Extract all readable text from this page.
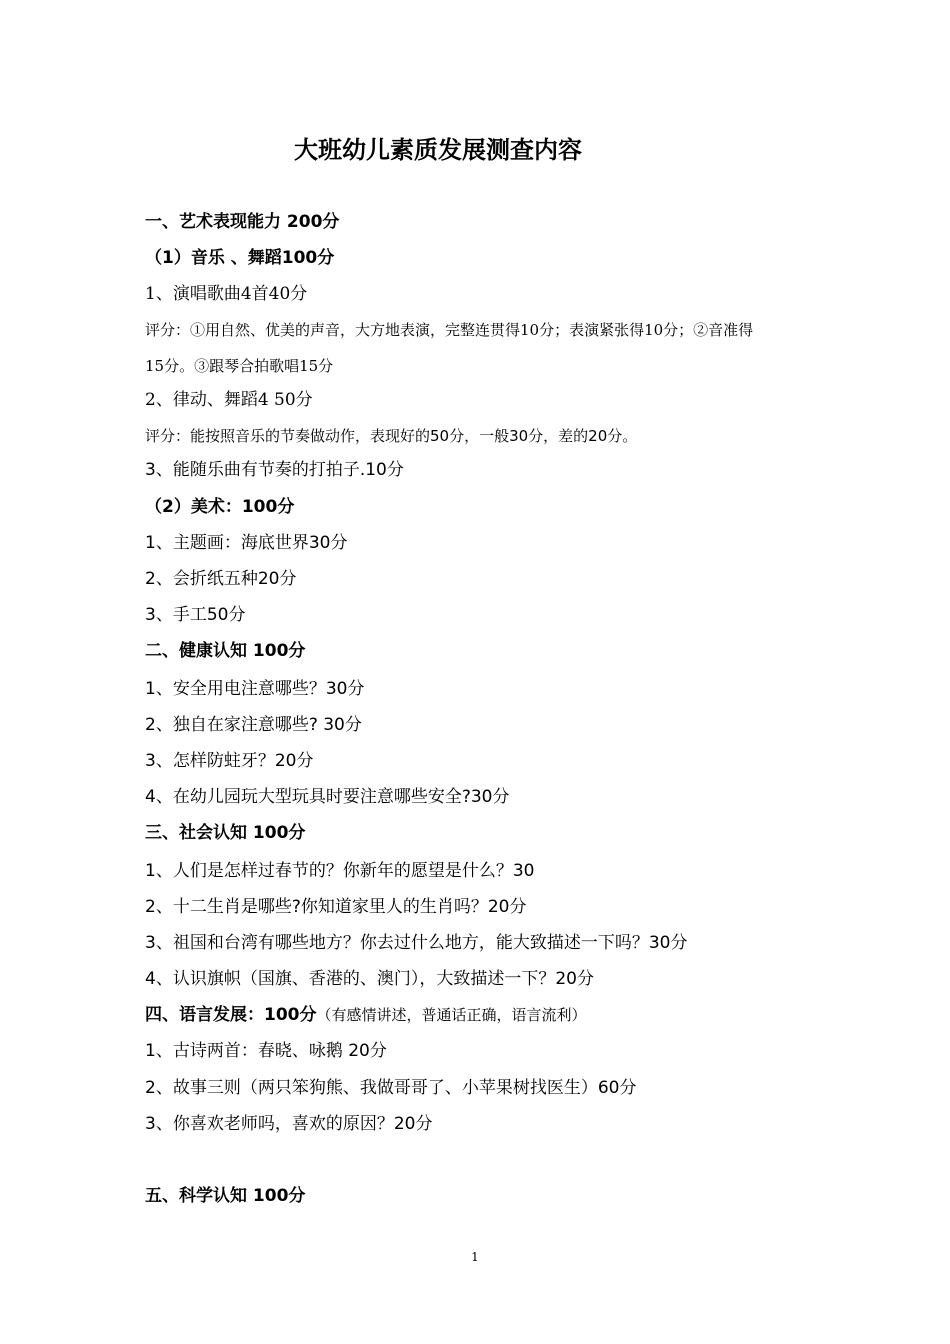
大班幼儿素质发展测查内容
一、艺术表现能力 200分
（1）音乐 、舞蹈100分
1、演唱歌曲4首40分
评分：①用自然、优美的声音，大方地表演，完整连贯得10分；表演紧张得10分；②音准得
15分。③跟琴合拍歌唱15分
2、律动、舞蹈4 50分
评分：能按照音乐的节奏做动作，表现好的50分，一般30分，差的20分。
3、能随乐曲有节奏的打拍子.10分
（2）美术：100分
1、主题画：海底世界30分
2、会折纸五种20分
3、手工50分
二、健康认知 100分
1、安全用电注意哪些？30分
2、独自在家注意哪些? 30分
3、怎样防蛀牙？20分
4、在幼儿园玩大型玩具时要注意哪些安全?30分
三、社会认知 100分
1、人们是怎样过春节的？你新年的愿望是什么？30
2、十二生肖是哪些?你知道家里人的生肖吗？20分
3、祖国和台湾有哪些地方？你去过什么地方，能大致描述一下吗？30分
4、认识旗帜（国旗、香港的、澳门），大致描述一下？20分
四、语言发展：100分（有感情讲述，普通话正确，语言流利）
1、古诗两首：春晓、咏鹅 20分
2、故事三则（两只笨狗熊、我做哥哥了、小苹果树找医生）60分
3、你喜欢老师吗，喜欢的原因？20分
五、科学认知 100分
1
